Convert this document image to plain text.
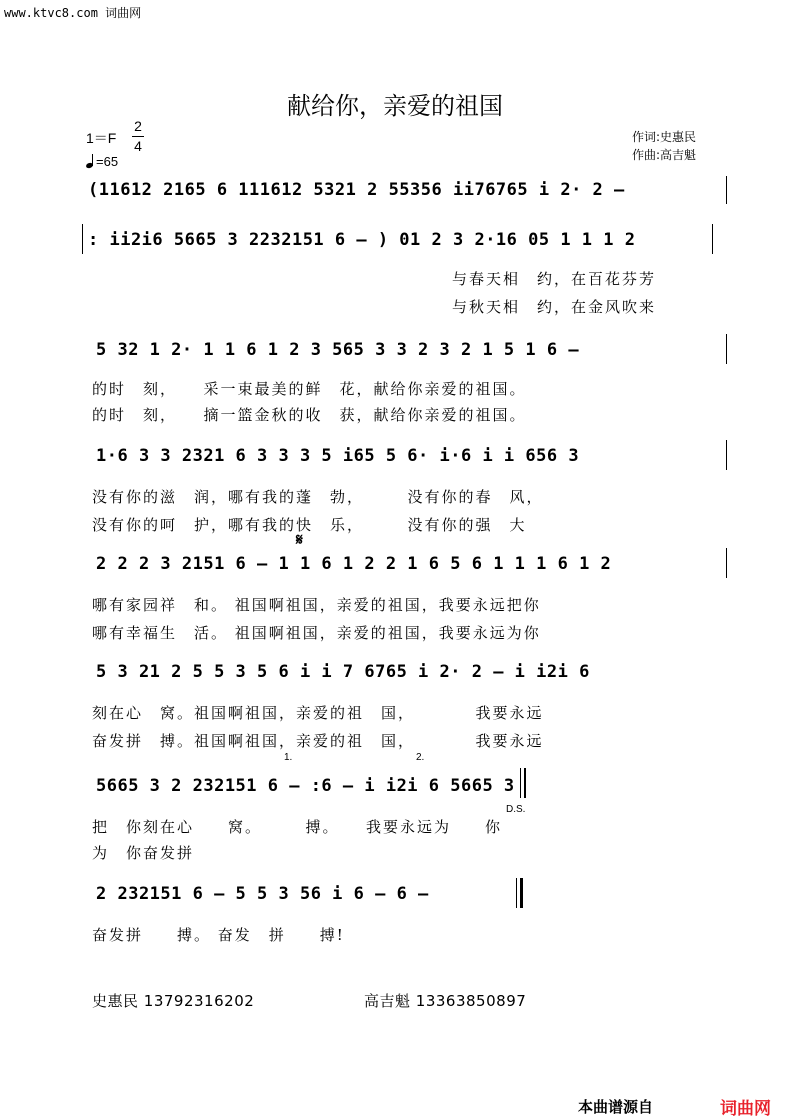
www.ktvc8.com 词曲网
献给你，亲爱的祖国
1＝F
2
4
=65
作词:史惠民
作曲:高吉魁
(11612 2165 6 111612 5321 2 55356 ii76765 i 2· 2 –
: ii2i6 5665 3 2232151 6 – ) 01 2 3 2·16 05 1 1 1 2
与春天相　约，在百花芬芳
与秋天相　约，在金风吹来
5 32 1 2· 1 1 6 1 2 3 565 3 3 2 3 2 1 5 1 6 –
的时　刻，　　采一束最美的鲜　花，献给你亲爱的祖国。
的时　刻，　　摘一篮金秋的收　获，献给你亲爱的祖国。
1·6 3 3 2321 6 3 3 3 5 i65 5 6· i·6 i i 656 3
没有你的滋　润，哪有我的蓬　勃，　　　没有你的春　风，
没有你的呵　护，哪有我的快　乐，　　　没有你的强　大
2 2 2 3 2151 6 – 1 1 6 1 2 2 1 6 5 6 1 1 1 6 1 2
𝄋
哪有家园祥　和。 祖国啊祖国，亲爱的祖国，我要永远把你
哪有幸福生　活。 祖国啊祖国，亲爱的祖国，我要永远为你
5 3 21 2 5 5 3 5 6 i i 7 6765 i 2· 2 – i i2i 6
刻在心　窝。祖国啊祖国，亲爱的祖　国，　　　　我要永远
奋发拼　搏。祖国啊祖国，亲爱的祖　国，　　　　我要永远
1.	2.
5665 3 2 232151 6 – :6 – i i2i 6 5665 3
D.S.
把　你刻在心　　窝。　　　搏。　　我要永远为　　你
为　你奋发拼
2 232151 6 – 5 5 3 56 i 6 – 6 –
奋发拼　　搏。 奋发　拼　　搏!
史惠民 13792316202	高吉魁 13363850897
本曲谱源自	词曲网
